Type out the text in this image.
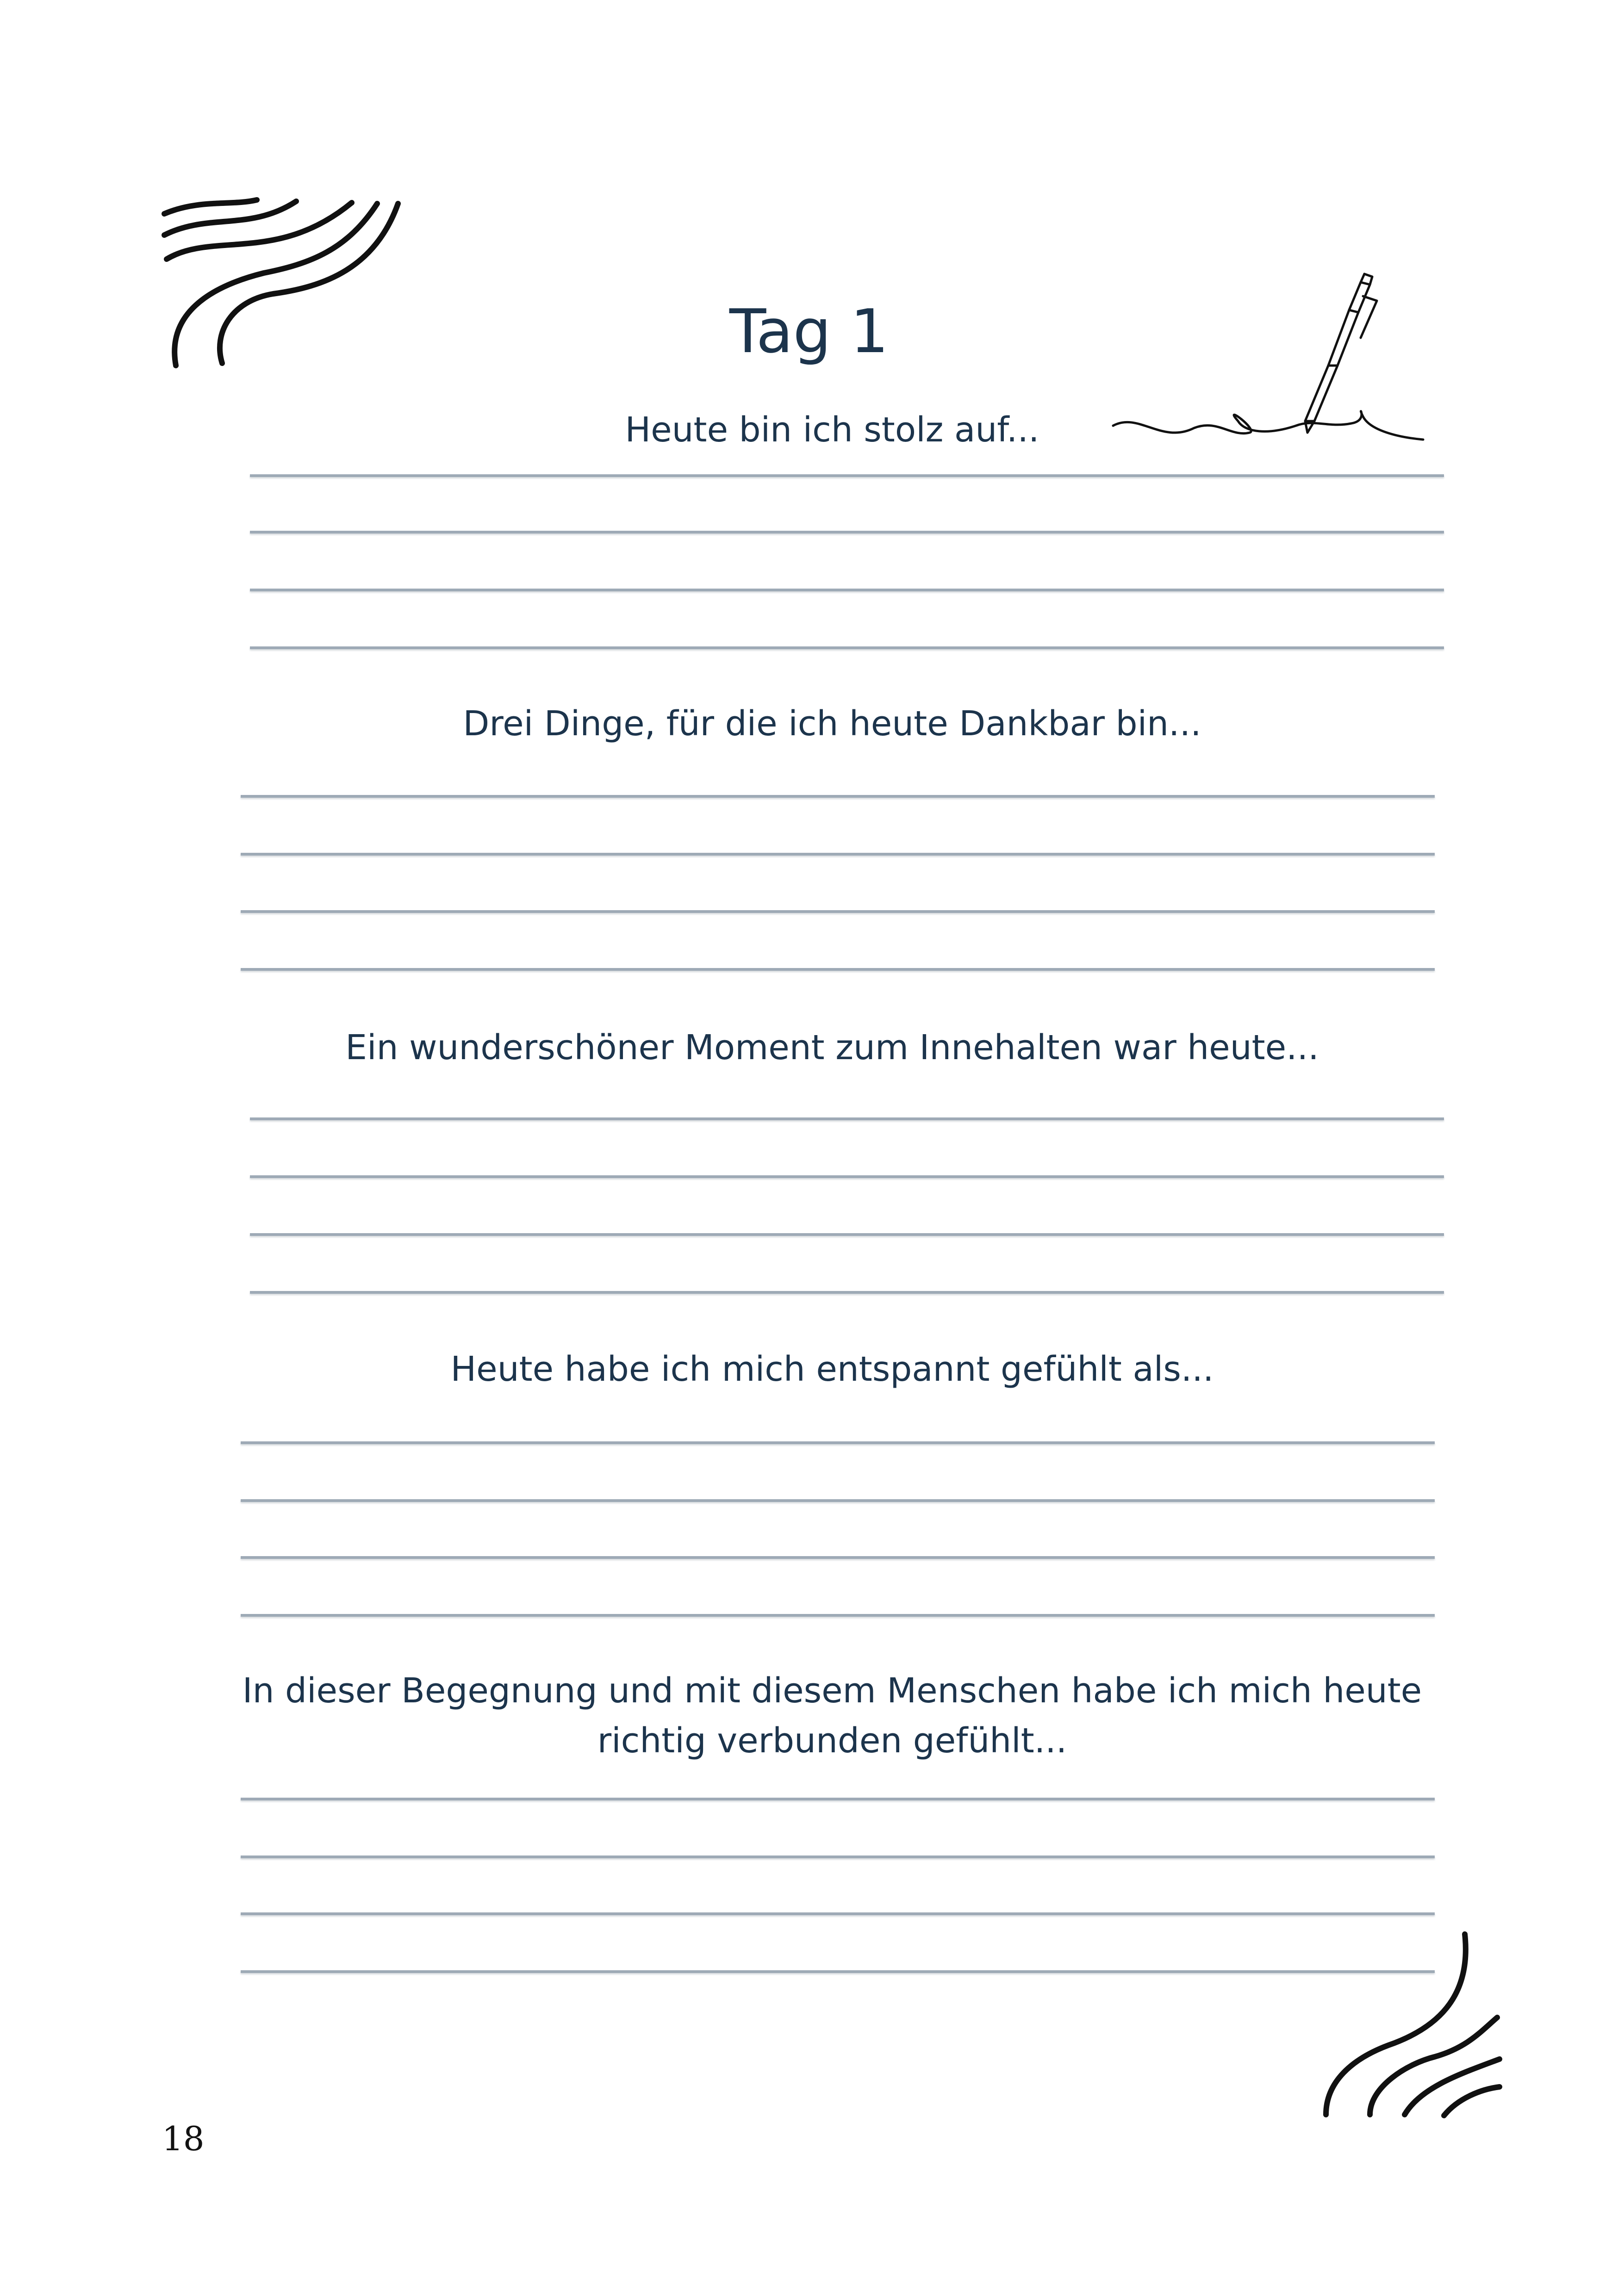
Tag 1
Heute bin ich stolz auf...
Drei Dinge, für die ich heute Dankbar bin...
Ein wunderschöner Moment zum Innehalten war heute...
Heute habe ich mich entspannt gefühlt als...
In dieser Begegnung und mit diesem Menschen habe ich mich heute
richtig verbunden gefühlt...
18
